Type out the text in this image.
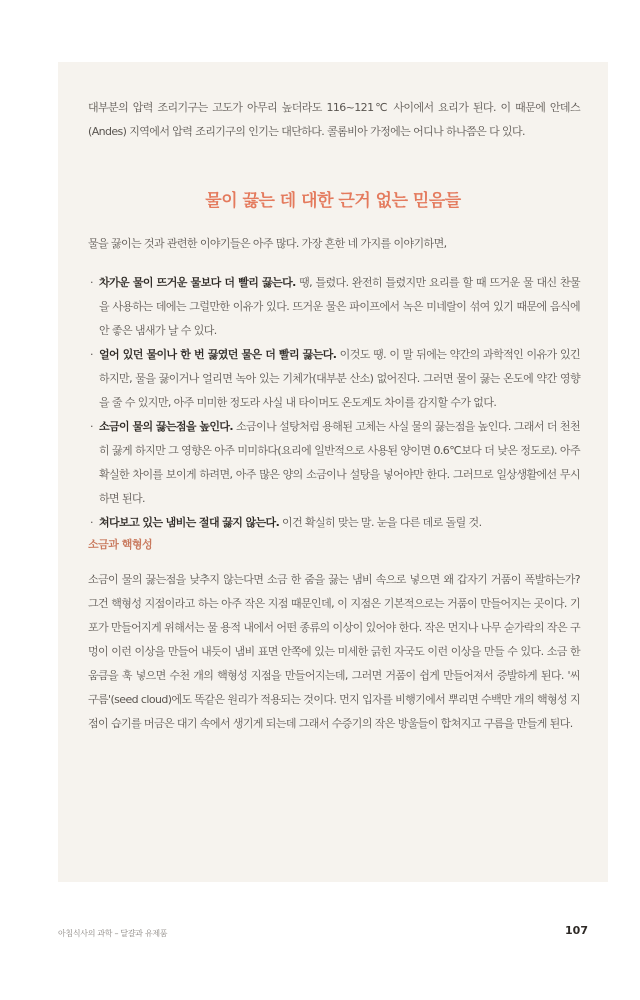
대부분의 압력 조리기구는 고도가 아무리 높더라도 116~121℃ 사이에서 요리가 된다. 이 때문에 안데스(Andes) 지역에서 압력 조리기구의 인기는 대단하다. 콜롬비아 가정에는 어디나 하나쯤은 다 있다.

물이 끓는 데 대한 근거 없는 믿음들

물을 끓이는 것과 관련한 이야기들은 아주 많다. 가장 흔한 네 가지를 이야기하면,

· 차가운 물이 뜨거운 물보다 더 빨리 끓는다. 땡, 틀렸다. 완전히 틀렸지만 요리를 할 때 뜨거운 물 대신 찬물을 사용하는 데에는 그럴만한 이유가 있다. 뜨거운 물은 파이프에서 녹은 미네랄이 섞여 있기 때문에 음식에 안 좋은 냄새가 날 수 있다.
· 얼어 있던 물이나 한 번 끓였던 물은 더 빨리 끓는다. 이것도 땡. 이 말 뒤에는 약간의 과학적인 이유가 있긴 하지만, 물을 끓이거나 얼리면 녹아 있는 기체가(대부분 산소) 없어진다. 그러면 물이 끓는 온도에 약간 영향을 줄 수 있지만, 아주 미미한 정도라 사실 내 타이머도 온도계도 차이를 감지할 수가 없다.
· 소금이 물의 끓는점을 높인다. 소금이나 설탕처럼 용해된 고체는 사실 물의 끓는점을 높인다. 그래서 더 천천히 끓게 하지만 그 영향은 아주 미미하다(요리에 일반적으로 사용된 양이면 0.6℃보다 더 낮은 정도로). 아주 확실한 차이를 보이게 하려면, 아주 많은 양의 소금이나 설탕을 넣어야만 한다. 그러므로 일상생활에선 무시하면 된다.
· 쳐다보고 있는 냄비는 절대 끓지 않는다. 이건 확실히 맞는 말. 눈을 다른 데로 돌릴 것.
소금과 핵형성

소금이 물의 끓는점을 낮추지 않는다면 소금 한 줌을 끓는 냄비 속으로 넣으면 왜 갑자기 거품이 폭발하는가? 그건 핵형성 지점이라고 하는 아주 작은 지점 때문인데, 이 지점은 기본적으로는 거품이 만들어지는 곳이다. 기포가 만들어지게 위해서는 물 용적 내에서 어떤 종류의 이상이 있어야 한다. 작은 먼지나 나무 숟가락의 작은 구멍이 이런 이상을 만들어 내듯이 냄비 표면 안쪽에 있는 미세한 긁힌 자국도 이런 이상을 만들 수 있다. 소금 한 움큼을 훅 넣으면 수천 개의 핵형성 지점을 만들어지는데, 그러면 거품이 쉽게 만들어져서 증발하게 된다. '씨 구름'(seed cloud)에도 똑같은 원리가 적용되는 것이다. 먼지 입자를 비행기에서 뿌리면 수백만 개의 핵형성 지점이 습기를 머금은 대기 속에서 생기게 되는데 그래서 수증기의 작은 방울들이 합쳐지고 구름을 만들게 된다.

아침식사의 과학 – 달걀과 유제품	107
